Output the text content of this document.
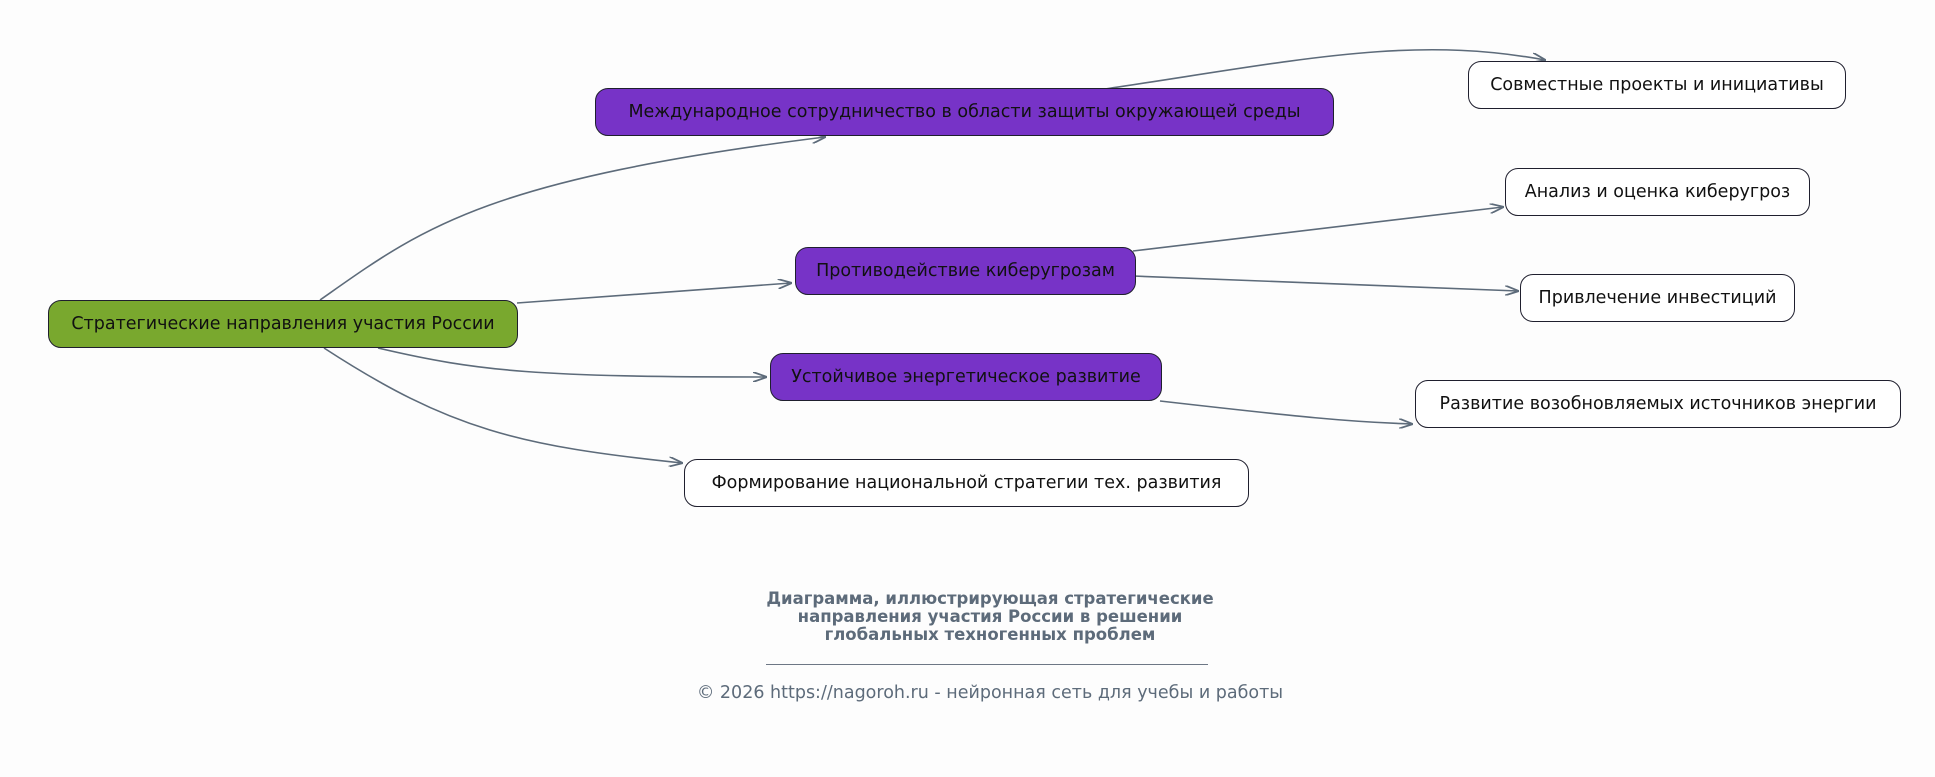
Стратегические направления участия России
Международное сотрудничество в области защиты окружающей среды
Противодействие киберугрозам
Устойчивое энергетическое развитие
Формирование национальной стратегии тех. развития
Совместные проекты и инициативы
Анализ и оценка киберугроз
Привлечение инвестиций
Развитие возобновляемых источников энергии
Диаграмма, иллюстрирующая стратегические
направления участия России в решении
глобальных техногенных проблем
© 2026 https://nagoroh.ru - нейронная сеть для учебы и работы
